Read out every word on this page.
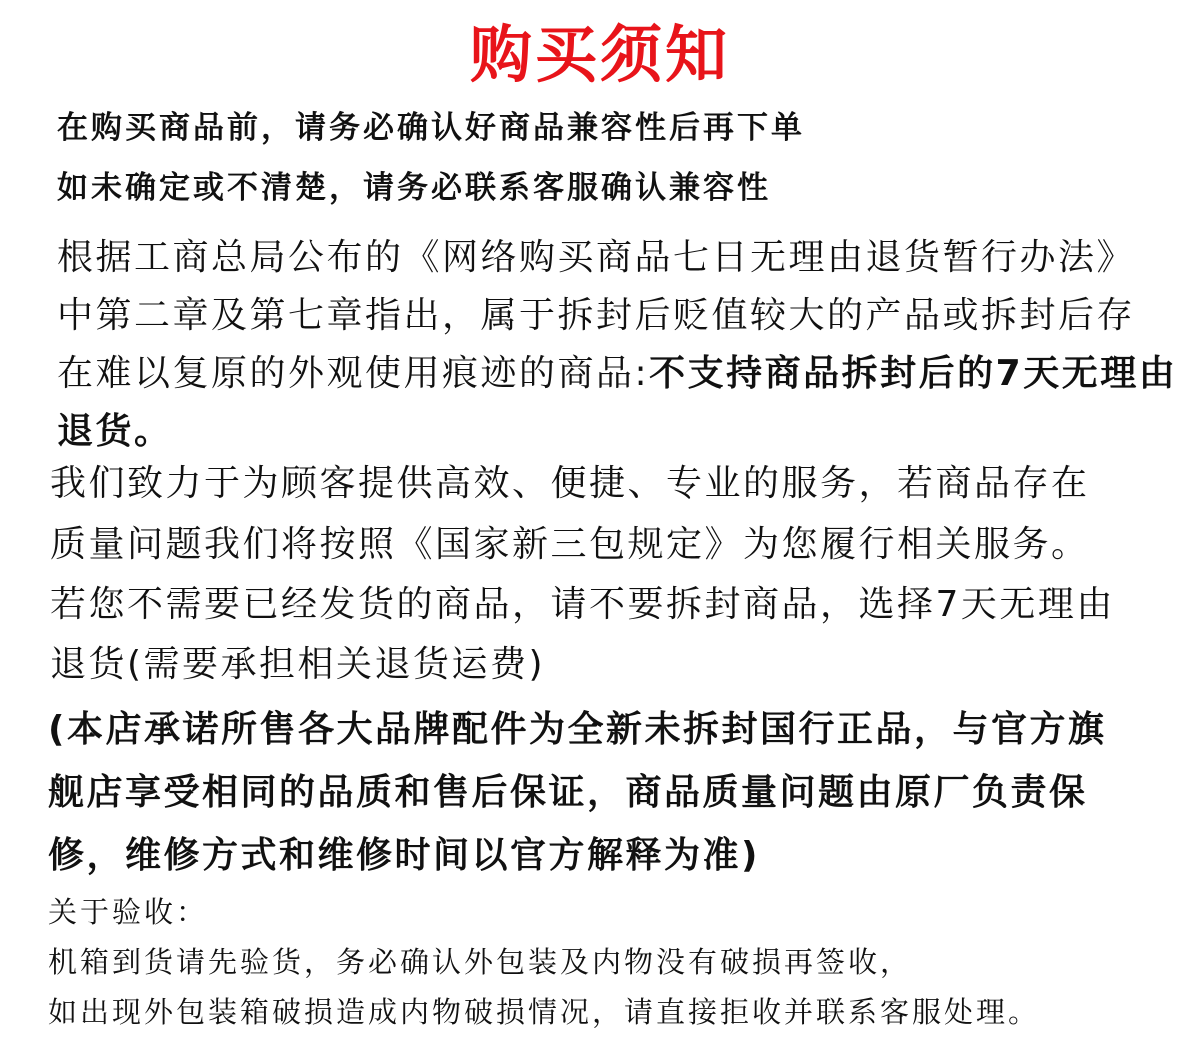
购买须知
在购买商品前，请务必确认好商品兼容性后再下单
如未确定或不清楚，请务必联系客服确认兼容性
根据工商总局公布的《网络购买商品七日无理由退货暂行办法》
中第二章及第七章指出，属于拆封后贬值较大的产品或拆封后存
在难以复原的外观使用痕迹的商品:不支持商品拆封后的7天无理由
退货。
我们致力于为顾客提供高效、便捷、专业的服务，若商品存在
质量问题我们将按照《国家新三包规定》为您履行相关服务。
若您不需要已经发货的商品，请不要拆封商品，选择7天无理由
退货(需要承担相关退货运费)
(本店承诺所售各大品牌配件为全新未拆封国行正品，与官方旗
舰店享受相同的品质和售后保证，商品质量问题由原厂负责保
修，维修方式和维修时间以官方解释为准)
关于验收：
机箱到货请先验货，务必确认外包装及内物没有破损再签收，
如出现外包装箱破损造成内物破损情况，请直接拒收并联系客服处理。
